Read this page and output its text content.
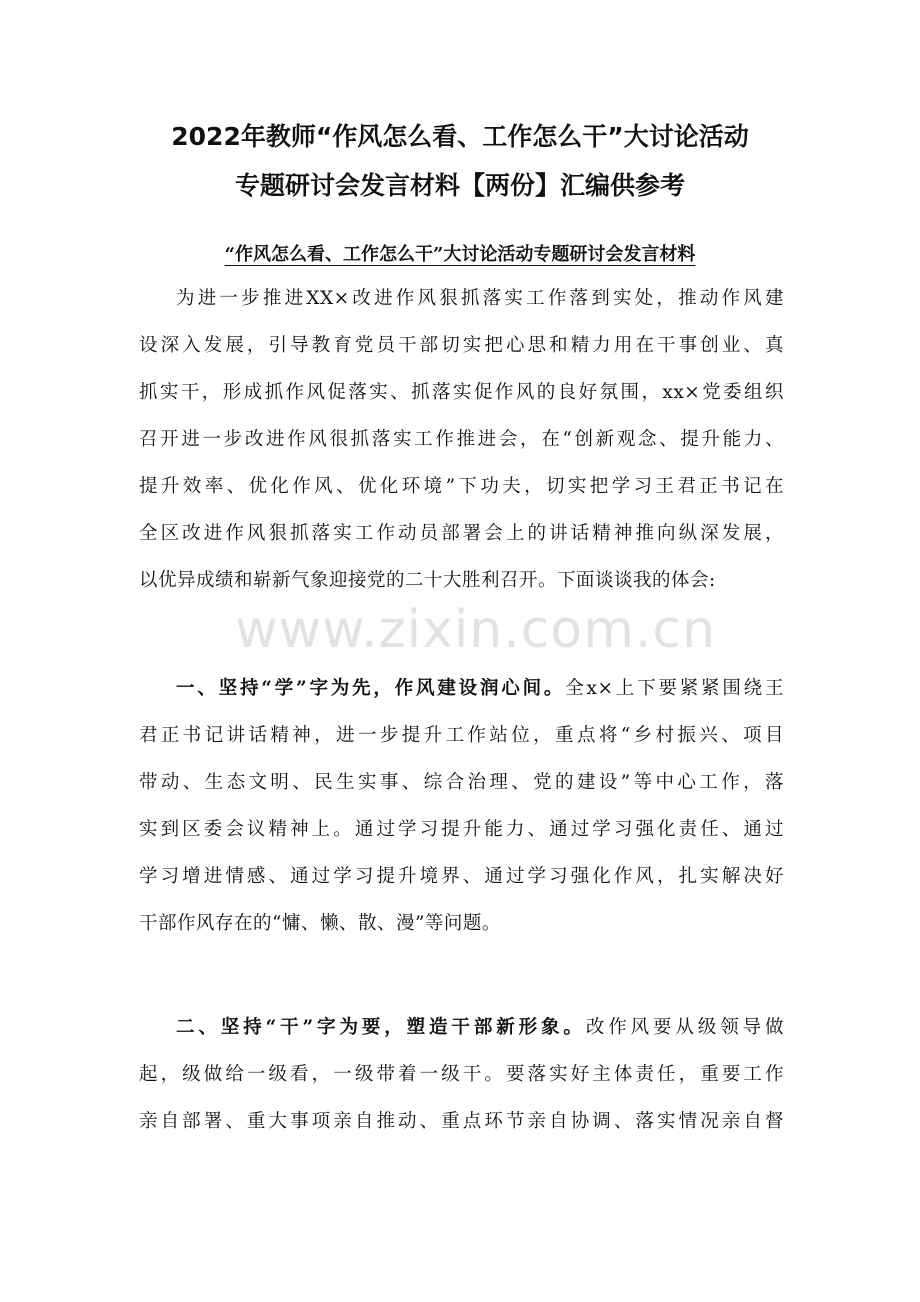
2022年教师“作风怎么看、工作怎么干”大讨论活动
专题研讨会发言材料【两份】汇编供参考
“作风怎么看、工作怎么干”大讨论活动专题研讨会发言材料
为进一步推进XX×改进作风狠抓落实工作落到实处，推动作风建
设深入发展，引导教育党员干部切实把心思和精力用在干事创业、真
抓实干，形成抓作风促落实、抓落实促作风的良好氛围，xx×党委组织
召开进一步改进作风很抓落实工作推进会，在“创新观念、提升能力、
提升效率、优化作风、优化环境”下功夫，切实把学习王君正书记在
全区改进作风狠抓落实工作动员部署会上的讲话精神推向纵深发展，
以优异成绩和崭新气象迎接党的二十大胜利召开。下面谈谈我的体会:
一、坚持“学”字为先，作风建设润心间。全x×上下要紧紧围绕王
君正书记讲话精神，进一步提升工作站位，重点将“乡村振兴、项目
带动、生态文明、民生实事、综合治理、党的建设”等中心工作，落
实到区委会议精神上。通过学习提升能力、通过学习强化责任、通过
学习增进情感、通过学习提升境界、通过学习强化作风，扎实解决好
干部作风存在的“慵、懒、散、漫”等问题。
二、坚持“干”字为要，塑造干部新形象。改作风要从级领导做
起，级做给一级看，一级带着一级干。要落实好主体责任，重要工作
亲自部署、重大事项亲自推动、重点环节亲自协调、落实情况亲自督
www.zixin.com.cn
